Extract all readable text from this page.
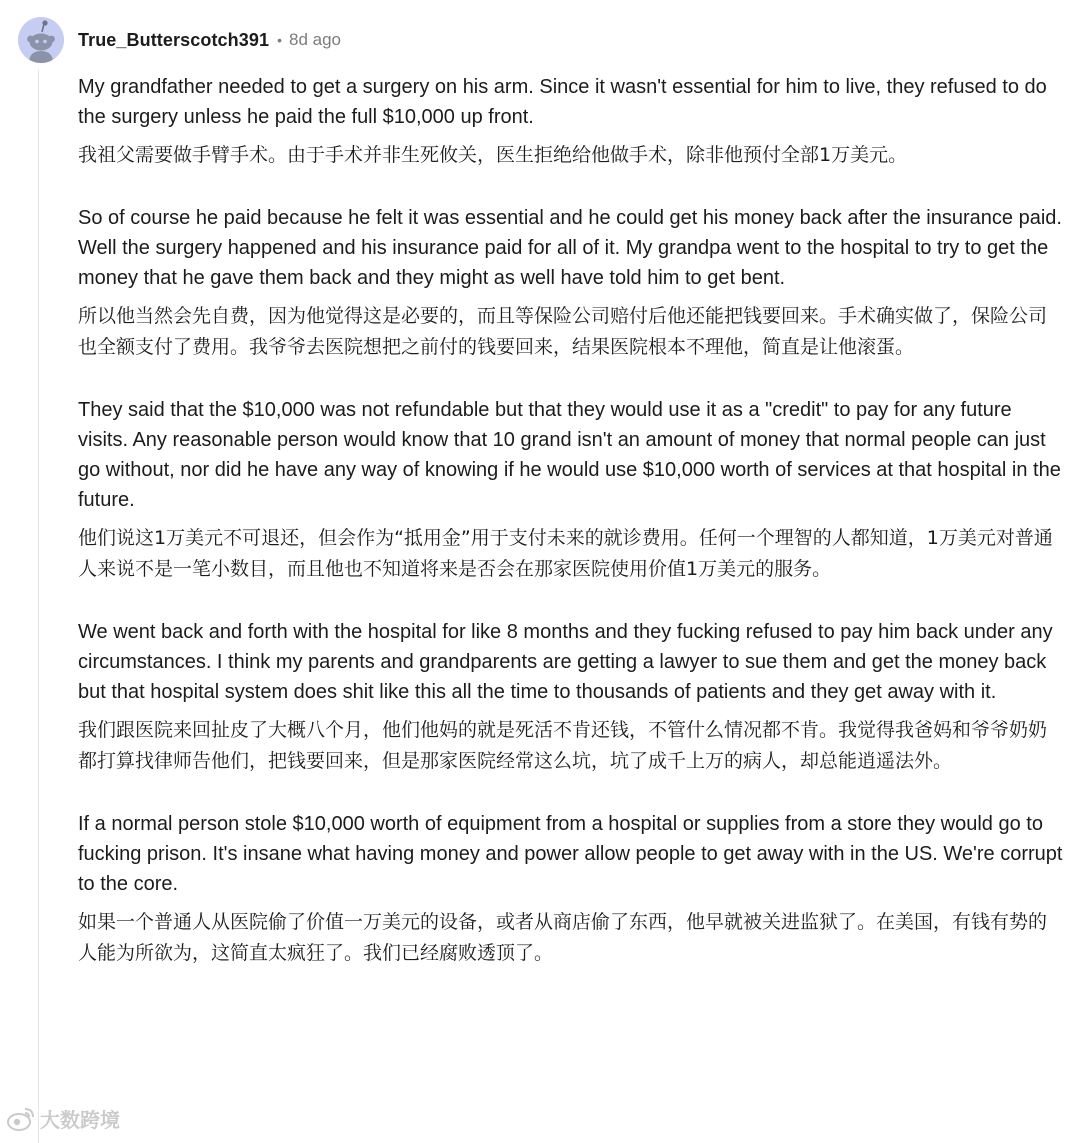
True_Butterscotch391 • 8d ago

My grandfather needed to get a surgery on his arm. Since it wasn't essential for him to live, they refused to do the surgery unless he paid the full $10,000 up front.

我祖父需要做手臂手术。由于手术并非生死攸关，医生拒绝给他做手术，除非他预付全部1万美元。

So of course he paid because he felt it was essential and he could get his money back after the insurance paid. Well the surgery happened and his insurance paid for all of it. My grandpa went to the hospital to try to get the money that he gave them back and they might as well have told him to get bent.

所以他当然会先自费，因为他觉得这是必要的，而且等保险公司赔付后他还能把钱要回来。手术确实做了，保险公司也全额支付了费用。我爷爷去医院想把之前付的钱要回来，结果医院根本不理他，简直是让他滚蛋。

They said that the $10,000 was not refundable but that they would use it as a "credit" to pay for any future visits. Any reasonable person would know that 10 grand isn't an amount of money that normal people can just go without, nor did he have any way of knowing if he would use $10,000 worth of services at that hospital in the future.

他们说这1万美元不可退还，但会作为“抵用金”用于支付未来的就诊费用。任何一个理智的人都知道，1万美元对普通人来说不是一笔小数目，而且他也不知道将来是否会在那家医院使用价值1万美元的服务。

We went back and forth with the hospital for like 8 months and they fucking refused to pay him back under any circumstances. I think my parents and grandparents are getting a lawyer to sue them and get the money back but that hospital system does shit like this all the time to thousands of patients and they get away with it.

我们跟医院来回扯皮了大概八个月，他们他妈的就是死活不肯还钱，不管什么情况都不肯。我觉得我爸妈和爷爷奶奶都打算找律师告他们，把钱要回来，但是那家医院经常这么坑，坑了成千上万的病人，却总能逍遥法外。

If a normal person stole $10,000 worth of equipment from a hospital or supplies from a store they would go to fucking prison. It's insane what having money and power allow people to get away with in the US. We're corrupt to the core.

如果一个普通人从医院偷了价值一万美元的设备，或者从商店偷了东西，他早就被关进监狱了。在美国，有钱有势的人能为所欲为，这简直太疯狂了。我们已经腐败透顶了。

大数跨境
